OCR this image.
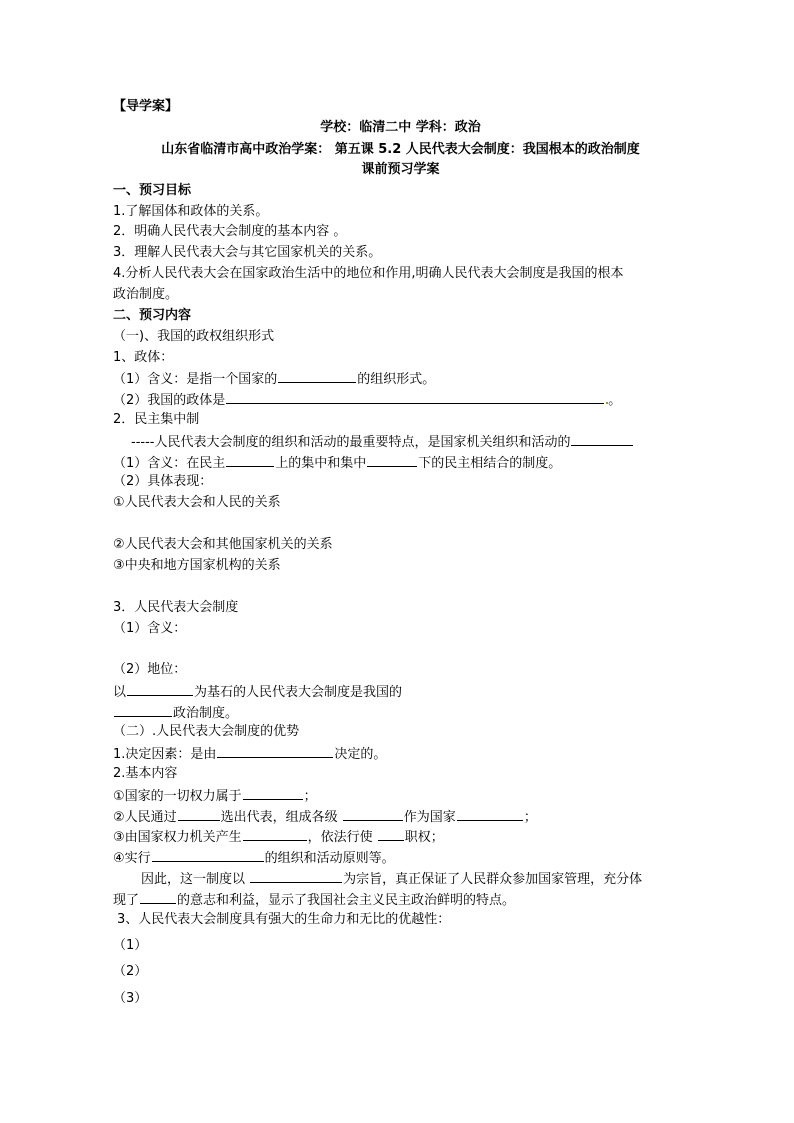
【导学案】
学校：临清二中 学科：政治
山东省临清市高中政治学案： 第五课 5.2 人民代表大会制度：我国根本的政治制度
课前预习学案
一、预习目标
1.了解国体和政体的关系。
2．明确人民代表大会制度的基本内容 。
3．理解人民代表大会与其它国家机关的关系。
4.分析人民代表大会在国家政治生活中的地位和作用,明确人民代表大会制度是我国的根本
政治制度。
二、预习内容
（一)、我国的政权组织形式
1、政体：
（1）含义：是指一个国家的	的组织形式。
（2）我国的政体是	。
2．民主集中制
-----人民代表大会制度的组织和活动的最重要特点，是国家机关组织和活动的
（1）含义：在民主	上的集中和集中	下的民主相结合的制度。
（2）具体表现：
①人民代表大会和人民的关系
②人民代表大会和其他国家机关的关系
③中央和地方国家机构的关系
3．人民代表大会制度
（1）含义：
（2）地位：
以	为基石的人民代表大会制度是我国的
政治制度。
（二）.人民代表大会制度的优势
1.决定因素：是由	决定的。
2.基本内容
①国家的一切权力属于	；
②人民通过	选出代表，组成各级	作为国家	；
③由国家权力机关产生	，依法行使 职权；
④实行	的组织和活动原则等。
因此，这一制度以	为宗旨，真正保证了人民群众参加国家管理，充分体
现了	的意志和利益，显示了我国社会主义民主政治鲜明的特点。
3、人民代表大会制度具有强大的生命力和无比的优越性：
（1）
（2）
（3）
